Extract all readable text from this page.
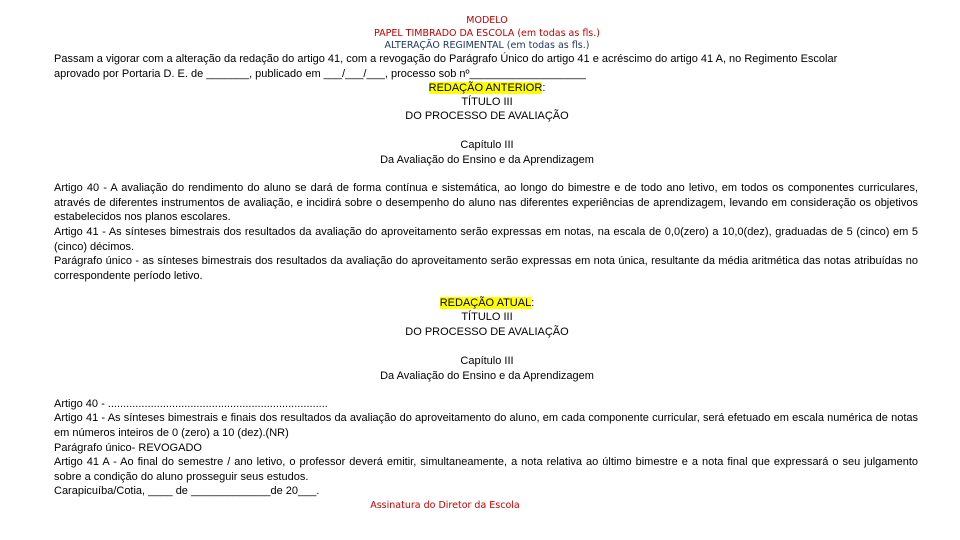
MODELO
PAPEL TIMBRADO DA ESCOLA (em todas as fls.)
ALTERAÇÃO REGIMENTAL (em todas as fls.)
Passam a vigorar com a alteração da redação do artigo 41, com a revogação do Parágrafo Único do artigo 41 e acréscimo do artigo 41 A, no Regimento Escolar
aprovado por Portaria D. E. de _______, publicado em ___/___/___, processo sob nº___________________
REDAÇÃO ANTERIOR:
TÍTULO III
DO PROCESSO DE AVALIAÇÃO
Capítulo III
Da Avaliação do Ensino e da Aprendizagem
Artigo 40 - A avaliação do rendimento do aluno se dará de forma contínua e sistemática, ao longo do bimestre e de todo ano letivo, em todos os componentes curriculares, através de diferentes instrumentos de avaliação, e incidirá sobre o desempenho do aluno nas diferentes experiências de aprendizagem, levando em consideração os objetivos estabelecidos nos planos escolares.
Artigo 41 - As sínteses bimestrais dos resultados da avaliação do aproveitamento serão expressas em notas, na escala de 0,0(zero) a 10,0(dez), graduadas de 5 (cinco) em 5 (cinco) décimos.
Parágrafo único - as sínteses bimestrais dos resultados da avaliação do aproveitamento serão expressas em nota única, resultante da média aritmética das notas atribuídas no correspondente período letivo.
REDAÇÃO ATUAL:
TÍTULO III
DO PROCESSO DE AVALIAÇÃO
Capítulo III
Da Avaliação do Ensino e da Aprendizagem
Artigo 40 - ........................................................................
Artigo 41 - As sínteses bimestrais e finais dos resultados da avaliação do aproveitamento do aluno, em cada componente curricular, será efetuado em escala numérica de notas em números inteiros de 0 (zero) a 10 (dez).(NR)
Parágrafo único- REVOGADO
Artigo 41 A - Ao final do semestre / ano letivo, o professor deverá emitir, simultaneamente, a nota relativa ao último bimestre e a nota final que expressará o seu julgamento sobre a condição do aluno prosseguir seus estudos.
Carapicuíba/Cotia, ____ de _____________de 20___.
Assinatura do Diretor da Escola
